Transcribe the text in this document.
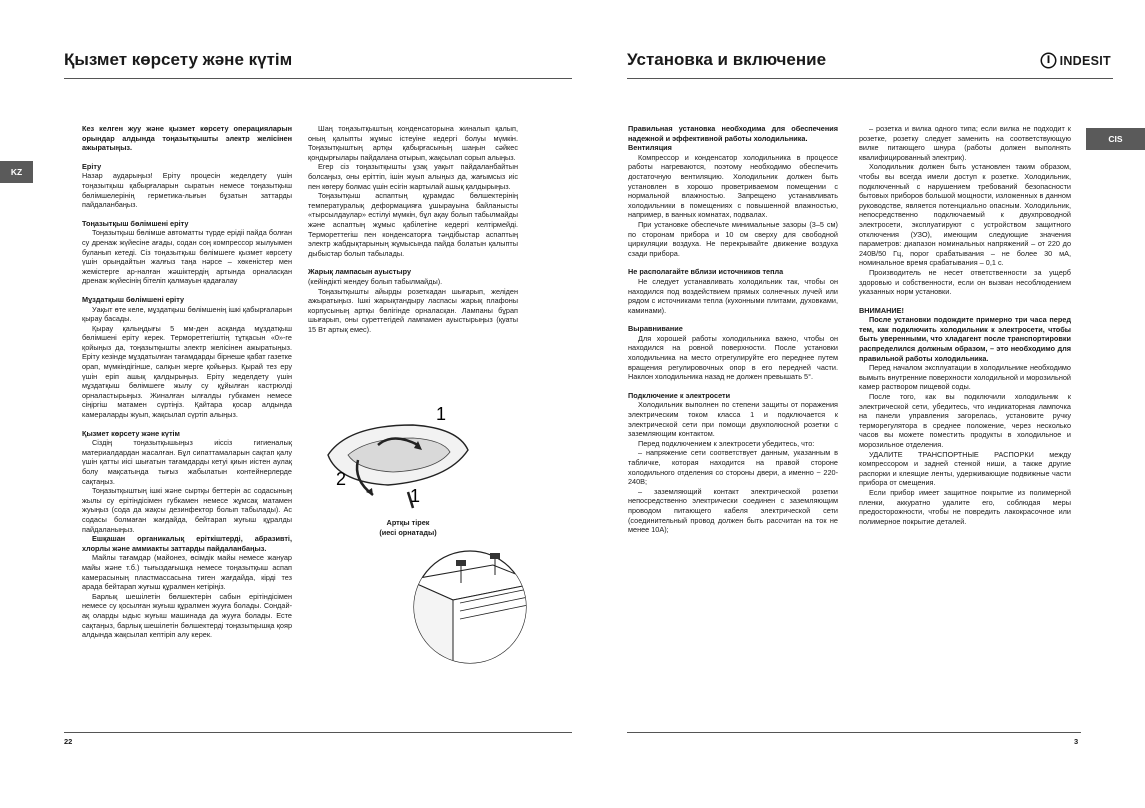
Қызмет көрсету және күтім
KZ

Кез келген жуу және қызмет көрсету операцияларын орындар алдында тоңазытқышты электр желісінен ажыратыңыз.

Еріту

Назар аударыңыз! Еріту процесін жеделдету үшін тоңазытқыш қабырғаларын сыратын немесе тоңазытқыш бөлімшелерінің герметика-лығын бұзатын заттарды пайдаланбаңыз.

Тоңазытқыш бөлімшені еріту

Тоңазытқыш бөлімше автоматты түрде ерідіі пайда болған су дренаж жүйесіне ағады, содан соң компрессор жылуымен буланып кетеді. Сіз тоңазытқыш бөлімшеге қызмет көрсету үшін орындайтын жалғыз таңа нәрсе – хөкеністер мен жемістерге ар-налған жәшіктердің артында орналасқан дренаж жүйесінің бітеліп қалмауын қадағалау

Мұздатқыш бөлімшені еріту

Уақыт өте келе, мұздатқыш бөлімшенің ішкі қабырғаларын қырау басады.

Қырау қалыңдығы 5 мм-ден асқанда мұздатқыш бөлімшені еріту керек. Термореттегіштің тұтқасын «0»-ге қойыңыз да, тоңазытқышты электр желісінен ажыратыңыз. Еріту кезінде мұздатылған тағамдарды бірнеше қабат газетке орап, мүмкіндігінше, салқын жерге қойыңыз. Қырай тез еру үшін еріп ашық қалдырыңыз. Еріту жеделдету үшін мұздатқыш бөлімшеге жылу су құйылған кастрюлді орналастырыңыз. Жиналған ылғалды губкамен немесе сіңіргіш матамен сүртіңіз. Қайтара қосар алдында камераларды жуып, жақсылап сүртіп алыңыз.

Қызмет көрсету және күтім

Сіздің тоңазытқышыңыз иіссіз гигиеналық материалдардан жасалған. Бұл сипаттамаларын сақтап қалу үшін қатты иісі шығатын тағамдарды кетуі қиын иістен аулақ болу мақсатында тығыз жабылатын контейнерлерде сақтаңыз.

Тоңазытқыштың ішкі және сыртқы беттерін ас содасының жылы су ерітіндісімен губкамен немесе жұмсақ матамен жуыңыз (сода да жақсы дезинфектор болып табылады). Ас содасы болмаған жағдайда, бейтарап жуғыш құралды пайдаланыңыз.

Ешқашан органикалық еріткіштерді, абразивті, хлорлы және аммиакты заттарды пайдаланбаңыз.

Майлы тағамдар (майонез, өсімдік майы немесе жануар майы және т.б.) тығыздағышқа немесе тоңазытқыш аспап камерасының пластмассасына тиген жағдайда, кірді тез арада бейтарап жуғыш құралмен кетіріңіз.

Барлық шешілетін бөлшектерін сабын ерітіндісімен немесе су қосылған жуғыш құралмен жууға болады. Сондай-ақ оларды ыдыс жуғыш машинада да жууға болады. Есте сақтаңыз, барлық шешілетін бөлшектерді тоңазытқышқа қояр алдында жақсылап кептіріп алу керек.

Шаң тоңазытқыштың конденсаторына жиналып қалып, оның қалыпты жұмыс істеуіне кедергі болуы мүмкін. Тоңазытқыштың артқы қабырғасының шаңын сәйкес қондырғылары пайдалана отырып, жақсылап сорып алыңыз.

Егер сіз тоңазытқышты ұзақ уақыт пайдаланбайтын болсаңыз, оны еріттіп, ішін жуып алыңыз да, жағымсыз иіс пен көгеру болмас үшін есігін жартылай ашық қалдырыңыз.

Тоңазытқыш аспаптың құрамдас бөлшектерінің температуралық деформацияға ұшырауына байланысты «тырсылдаулар» естілуі мүмкін, бұл ақау болып табылмайды және аспаптың жұмыс қабілетіне кедергі келтірмейді. Термореттегіш пен конденсаторға тәндібыстар аспаптың электр жабдықтарының жұмысында пайда болатын қалыпты дыбыстар болып табылады.

Жарық лампасын ауыстыру

(кейіндікті жендеу болып табылмайды).

Тоңазытқышты айырды розеткадан шығарып, желіден ажыратыңыз. Ішкі жарықтандыру ласпасы жарық плафоны корпусының артқы бөлігінде орналасқан. Лампаны бұрап шығарып, оны суреттегідей лампамен ауыстырыңыз (қуаты 15 Вт артық емес).

1
2
1
Артқы тірек
(иесі орнатады)
22
Установка и включение	INDESIT
CIS

Правильная установка необходима для обеспечения надежной и эффективной работы холодильника.

Вентиляция

Компрессор и конденсатор холодильника в процессе работы нагреваются, поэтому необходимо обеспечить достаточную вентиляцию. Холодильник должен быть установлен в хорошо проветриваемом помещении с нормальной влажностью. Запрещено устанавливать холодильники в помещениях с повышенной влажностью, например, в ванных комнатах, подвалах.

При установке обеспечьте минимальные зазоры (3–5 см) по сторонам прибора и 10 см сверху для свободной циркуляции воздуха. Не перекрывайте движение воздуха сзади прибора.

Не располагайте вблизи источников тепла

Не следует устанавливать холодильник так, чтобы он находился под воздействием прямых солнечных лучей или рядом с источниками тепла (кухонными плитами, духовками, каминами).

Выравнивание

Для хорошей работы холодильника важно, чтобы он находился на ровной поверхности. После установки холодильника на место отрегулируйте его переднее путем вращения регулировочных опор в его передней части. Наклон холодильника назад не должен превышать 5°.

Подключение к электросети

Холодильник выполнен по степени защиты от поражения электрическим током класса 1 и подключается к электрической сети при помощи двухполюсной розетки с заземляющим контактом.

Перед подключением к электросети убедитесь, что:

– напряжение сети соответствует данным, указанным в табличке, которая находится на правой стороне холодильного отделения со стороны двери, а именно ~ 220-240В;

– заземляющий контакт электрической розетки непосредственно электрически соединен с заземляющим проводом питающего кабеля электрической сети (соединительный провод должен быть рассчитан на ток не менее 10А);

– розетка и вилка одного типа; если вилка не подходит к розетке, розетку следует заменить на соответствующую вилке питающего шнура (работы должен выполнять квалифицированный электрик).

Холодильник должен быть установлен таким образом, чтобы вы всегда имели доступ к розетке. Холодильник, подключенный с нарушением требований безопасности бытовых приборов большой мощности, изложенных в данном руководстве, является потенциально опасным. Холодильник, непосредственно подключаемый к двухпроводной электросети, эксплуатируют с устройством защитного отключения (УЗО), имеющим следующие значения параметров: диапазон номинальных напряжений – от 220 до 240В/50 Гц, порог срабатывания – не более 30 мА, номинальное время срабатывания – 0,1 с.

Производитель не несет ответственности за ущерб здоровью и собственности, если он вызван несоблюдением указанных норм установки.

ВНИМАНИЕ!

После установки подождите примерно три часа перед тем, как подключить холодильник к электросети, чтобы быть уверенными, что хладагент после транспортировки распределился должным образом, – это необходимо для правильной работы холодильника.

Перед началом эксплуатации в холодильнике необходимо вымыть внутренние поверхности холодильной и морозильной камер раствором пищевой соды.

После того, как вы подключили холодильник к электрической сети, убедитесь, что индикаторная лампочка на панели управления загорелась, установите ручку терморегулятора в среднее положение, через несколько часов вы можете поместить продукты в холодильное и морозильное отделения.

УДАЛИТЕ ТРАНСПОРТНЫЕ РАСПОРКИ между компрессором и задней стенкой ниши, а также другие распорки и клеящие ленты, удерживающие подвижные части прибора от смещения.

Если прибор имеет защитное покрытие из полимерной пленки, аккуратно удалите его, соблюдая меры предосторожности, чтобы не повредить лакокрасочное или полимерное покрытие деталей.

3
